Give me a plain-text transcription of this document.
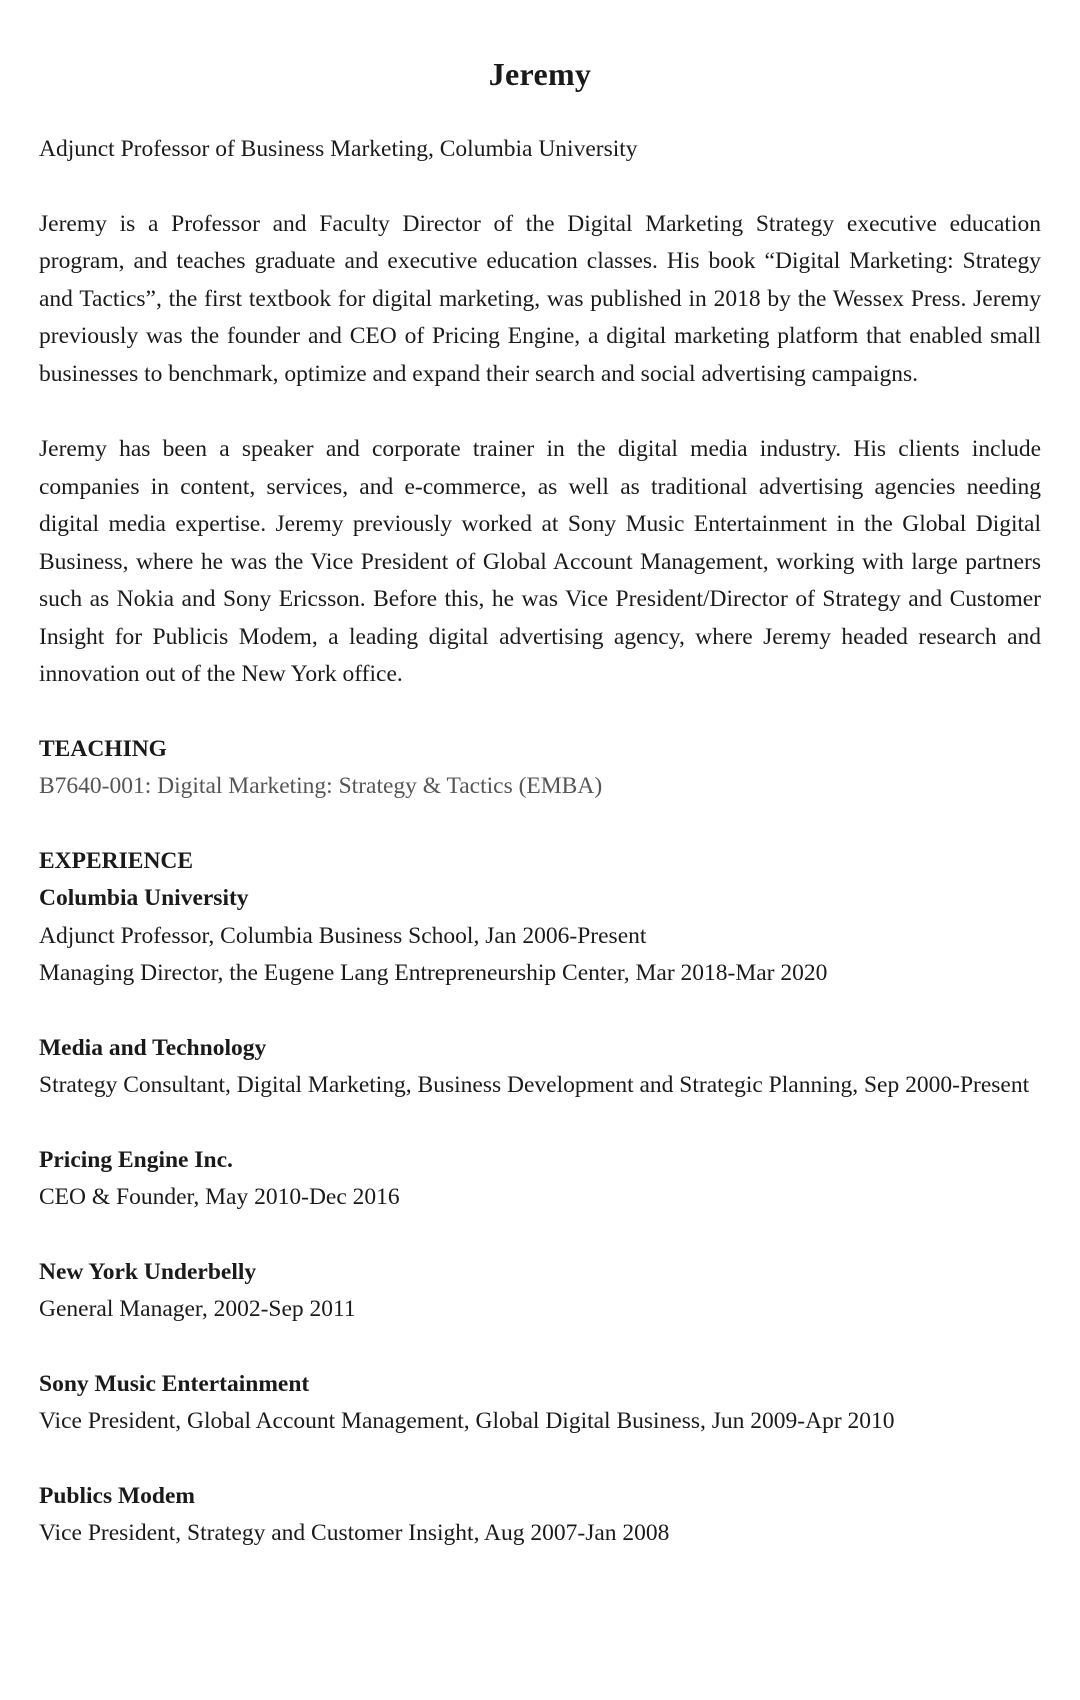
Jeremy

Adjunct Professor of Business Marketing, Columbia University

Jeremy is a Professor and Faculty Director of the Digital Marketing Strategy executive education program, and teaches graduate and executive education classes. His book “Digital Marketing: Strategy and Tactics”, the first textbook for digital marketing, was published in 2018 by the Wessex Press. Jeremy previously was the founder and CEO of Pricing Engine, a digital marketing platform that enabled small businesses to benchmark, optimize and expand their search and social advertising campaigns.

Jeremy has been a speaker and corporate trainer in the digital media industry. His clients include companies in content, services, and e-commerce, as well as traditional advertising agencies needing digital media expertise. Jeremy previously worked at Sony Music Entertainment in the Global Digital Business, where he was the Vice President of Global Account Management, working with large partners such as Nokia and Sony Ericsson. Before this, he was Vice President/Director of Strategy and Customer Insight for Publicis Modem, a leading digital advertising agency, where Jeremy headed research and innovation out of the New York office.

TEACHING

B7640-001: Digital Marketing: Strategy & Tactics (EMBA)

EXPERIENCE

Columbia University

Adjunct Professor, Columbia Business School, Jan 2006-Present

Managing Director, the Eugene Lang Entrepreneurship Center, Mar 2018-Mar 2020

Media and Technology

Strategy Consultant, Digital Marketing, Business Development and Strategic Planning, Sep 2000-Present

Pricing Engine Inc.

CEO & Founder, May 2010-Dec 2016

New York Underbelly

General Manager, 2002-Sep 2011

Sony Music Entertainment

Vice President, Global Account Management, Global Digital Business, Jun 2009-Apr 2010

Publics Modem

Vice President, Strategy and Customer Insight, Aug 2007-Jan 2008
